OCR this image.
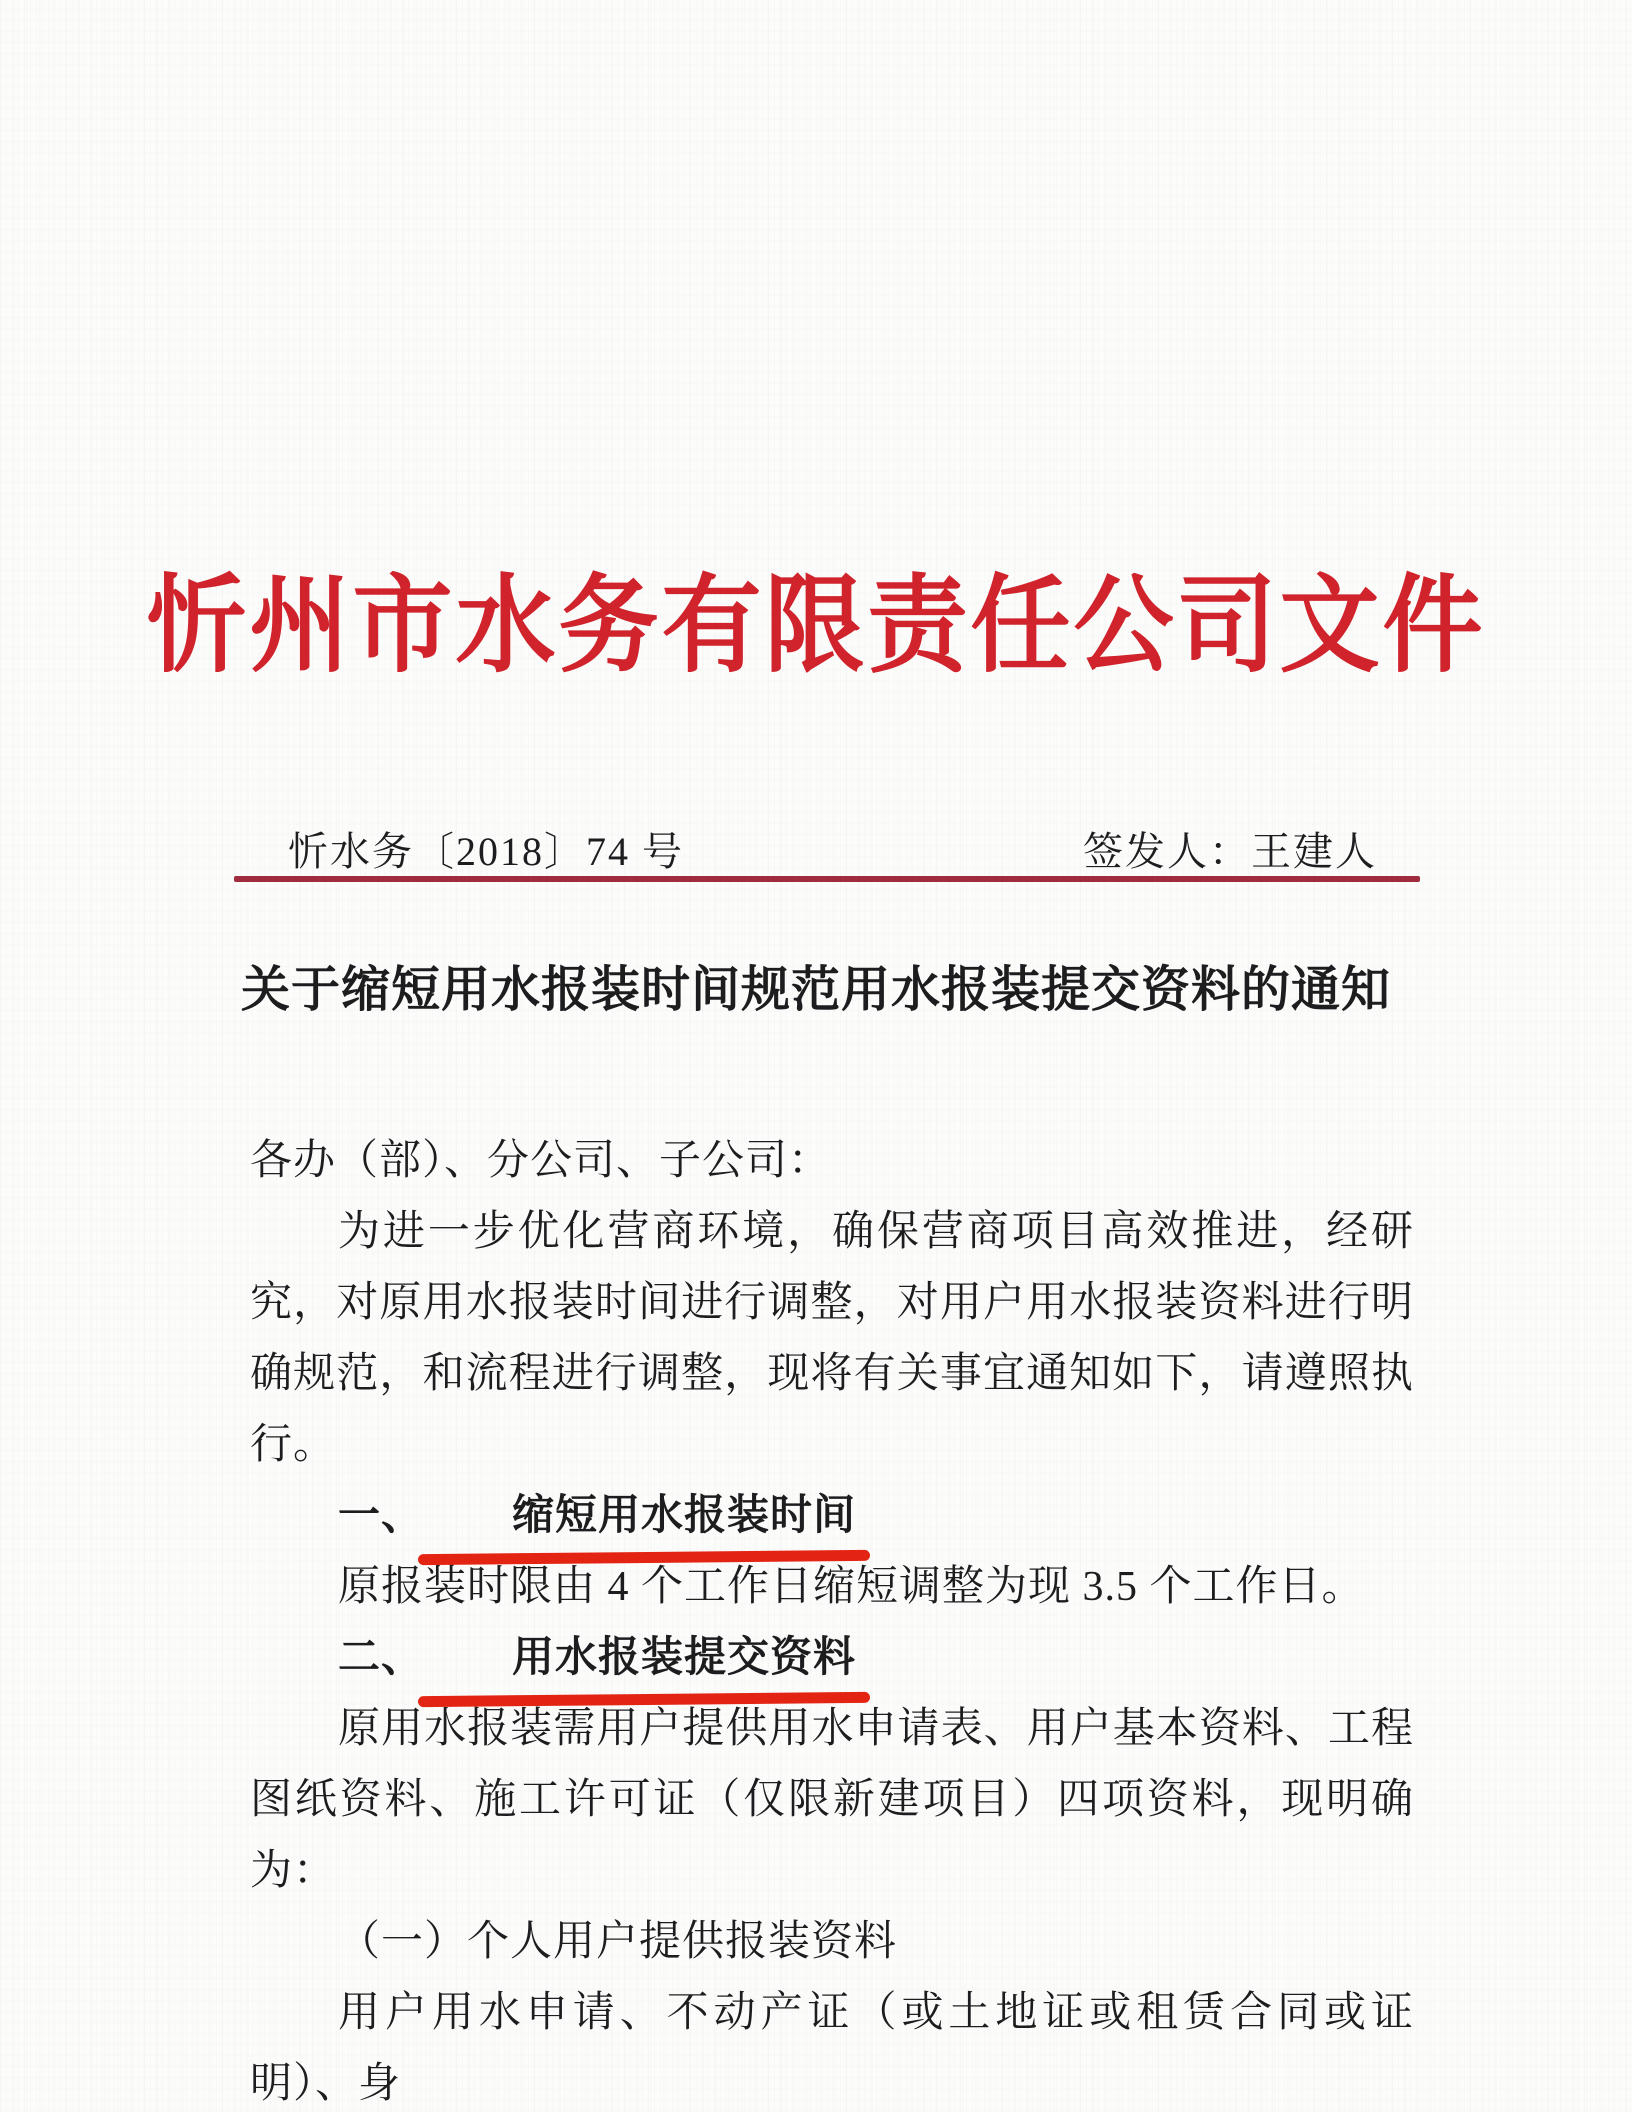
忻州市水务有限责任公司文件
忻水务〔2018〕74 号	签发人：王建人
关于缩短用水报装时间规范用水报装提交资料的通知

各办（部）、分公司、子公司：

为进一步优化营商环境，确保营商项目高效推进，经研究，对原用水报装时间进行调整，对用户用水报装资料进行明确规范，和流程进行调整，现将有关事宜通知如下，请遵照执行。

一、 缩短用水报装时间

原报装时限由 4 个工作日缩短调整为现 3.5 个工作日。

二、 用水报装提交资料

原用水报装需用户提供用水申请表、用户基本资料、工程图纸资料、施工许可证（仅限新建项目）四项资料，现明确为：

（一）个人用户提供报装资料

用户用水申请、不动产证（或土地证或租赁合同或证明）、身
